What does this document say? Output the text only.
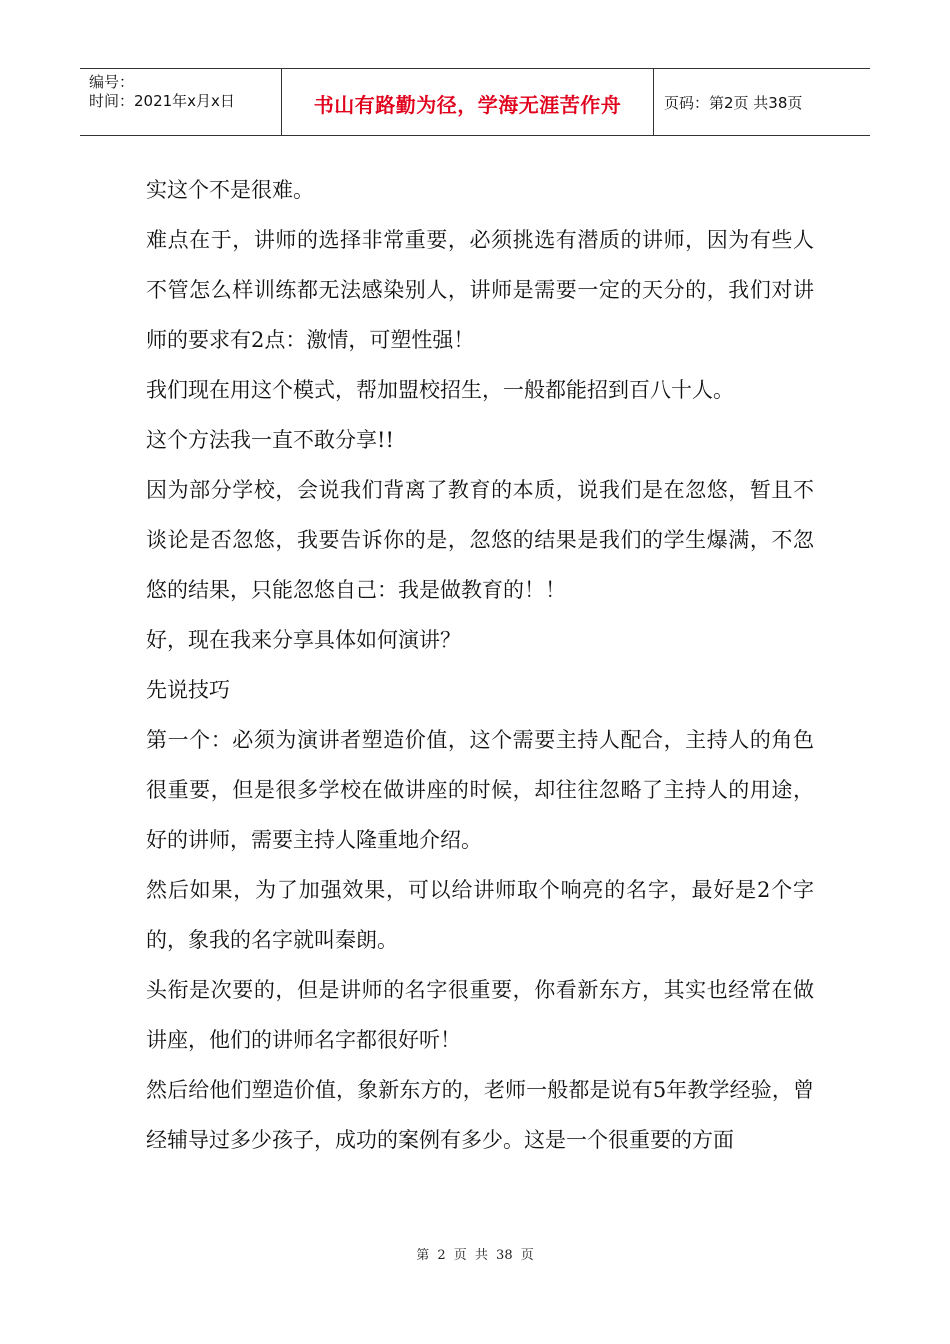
编号：
时间：2021年x月x日	书山有路勤为径，学海无涯苦作舟	页码：第2页 共38页

实这个不是很难。

难点在于，讲师的选择非常重要，必须挑选有潜质的讲师，因为有些人不管怎么样训练都无法感染别人，讲师是需要一定的天分的，我们对讲师的要求有2点：激情，可塑性强！

我们现在用这个模式，帮加盟校招生，一般都能招到百八十人。

这个方法我一直不敢分享!!

因为部分学校，会说我们背离了教育的本质，说我们是在忽悠，暂且不谈论是否忽悠，我要告诉你的是，忽悠的结果是我们的学生爆满，不忽悠的结果，只能忽悠自己：我是做教育的！！

好，现在我来分享具体如何演讲？

先说技巧

第一个：必须为演讲者塑造价值，这个需要主持人配合，主持人的角色很重要，但是很多学校在做讲座的时候，却往往忽略了主持人的用途，好的讲师，需要主持人隆重地介绍。

然后如果，为了加强效果，可以给讲师取个响亮的名字，最好是2个字的，象我的名字就叫秦朗。

头衔是次要的，但是讲师的名字很重要，你看新东方，其实也经常在做讲座，他们的讲师名字都很好听！

然后给他们塑造价值，象新东方的，老师一般都是说有5年教学经验，曾经辅导过多少孩子，成功的案例有多少。这是一个很重要的方面

第 2 页 共 38 页
